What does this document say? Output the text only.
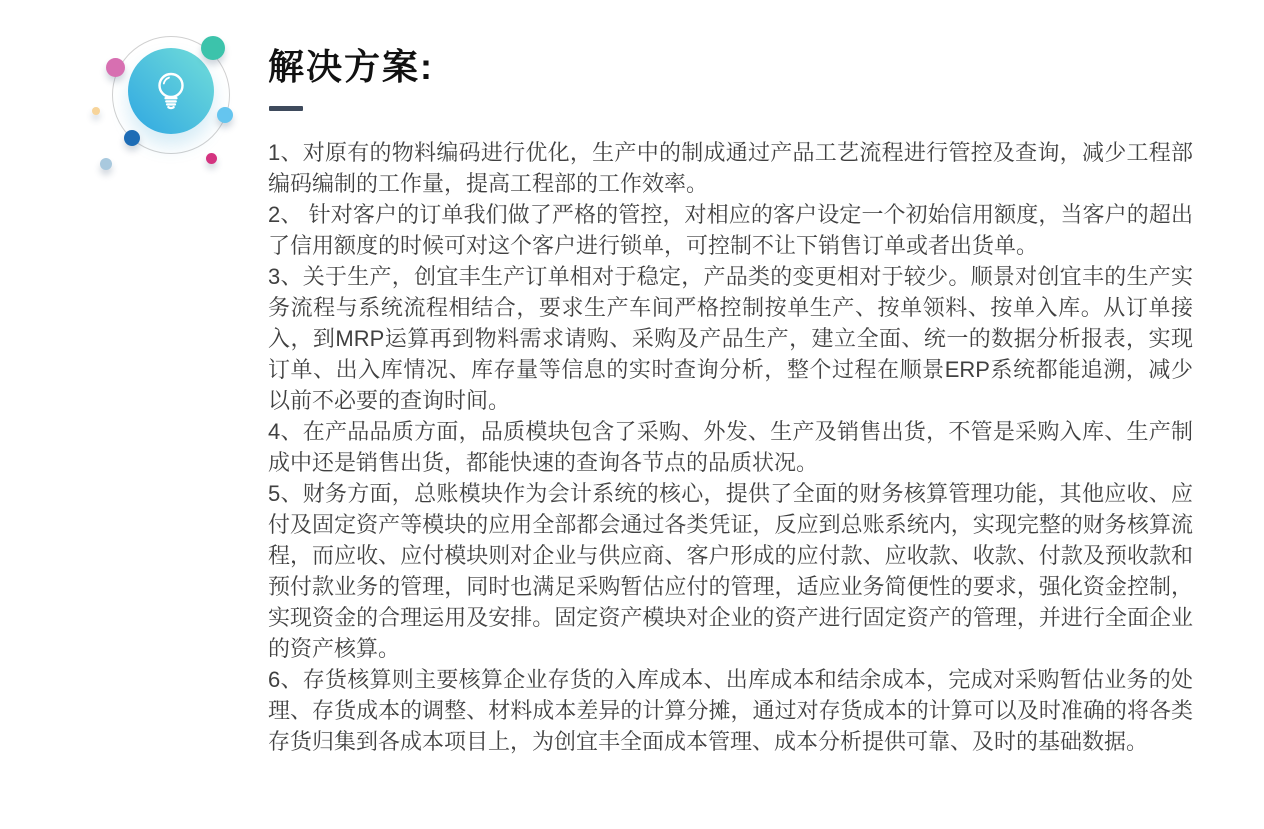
解决方案:

1、对原有的物料编码进行优化，生产中的制成通过产品工艺流程进行管控及查询，减少工程部编码编制的工作量，提高工程部的工作效率。

2、 针对客户的订单我们做了严格的管控，对相应的客户设定一个初始信用额度，当客户的超出了信用额度的时候可对这个客户进行锁单，可控制不让下销售订单或者出货单。

3、关于生产，创宜丰生产订单相对于稳定，产品类的变更相对于较少。顺景对创宜丰的生产实务流程与系统流程相结合，要求生产车间严格控制按单生产、按单领料、按单入库。从订单接入，到MRP运算再到物料需求请购、采购及产品生产，建立全面、统一的数据分析报表，实现订单、出入库情况、库存量等信息的实时查询分析，整个过程在顺景ERP系统都能追溯，减少以前不必要的查询时间。

4、在产品品质方面，品质模块包含了采购、外发、生产及销售出货，不管是采购入库、生产制成中还是销售出货，都能快速的查询各节点的品质状况。

5、财务方面，总账模块作为会计系统的核心，提供了全面的财务核算管理功能，其他应收、应付及固定资产等模块的应用全部都会通过各类凭证，反应到总账系统内，实现完整的财务核算流程，而应收、应付模块则对企业与供应商、客户形成的应付款、应收款、收款、付款及预收款和预付款业务的管理，同时也满足采购暂估应付的管理，适应业务简便性的要求，强化资金控制，实现资金的合理运用及安排。固定资产模块对企业的资产进行固定资产的管理，并进行全面企业的资产核算。

6、存货核算则主要核算企业存货的入库成本、出库成本和结余成本，完成对采购暂估业务的处理、存货成本的调整、材料成本差异的计算分摊，通过对存货成本的计算可以及时准确的将各类存货归集到各成本项目上，为创宜丰全面成本管理、成本分析提供可靠、及时的基础数据。
